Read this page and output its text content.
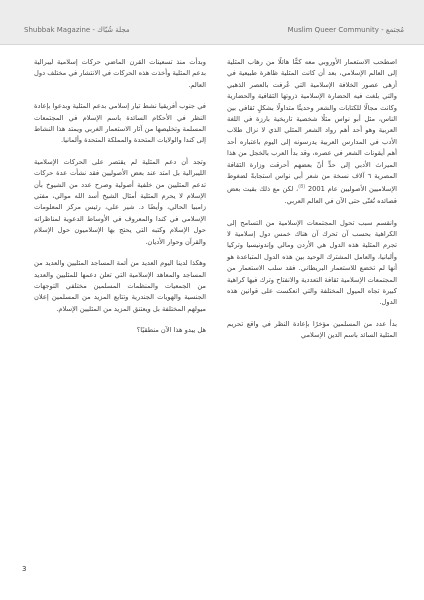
Shubbak Magazine - مجلة شُبّاك	Muslim Queer Community - مُجتمع

اصطحب الاستعمار الأوروبي معه كمًّا هائلًا من رهاب المثلية إلى العالم الإسلامي، بعد أن كانت المثلية ظاهرة طبيعية في أزهى عصور الخلافة الإسلامية التي عُرفت بالعصر الذهبي والتي بلغت فيه الحضارة الإسلامية ذروتها الثقافية والحضارية وكانت مجالًا للكتابات والشعر وحديثًا متداولًا بشكلٍ ثقافي بين الناس، مثل أبو نواس مثلًا شخصية تاريخية بارزة في اللغة العربية وهو أحد أهم رواد الشعر المثلي الذي لا نزال طلاب الأدب في المدارس العربية يدرسونه إلى اليوم باعتباره أحد أهم أيقونات الشعر في عصره، وقد بدأ العرب بالخجل من هذا الميراث الأدبي إلى حدٍّ أنّ بعضهم أحرقت وزارة الثقافة المصرية ٦ آلاف نسخة من شعر أبي نواس استجابةً لضغوط الإسلاميين الأصوليين عام 2001 $^{(8)}$، لكن مع ذلك بقيت بعض قصائده تُغنّى حتى الآن في العالم العربي.

وانقسم سبب تحول المجتمعات الإسلامية من التسامح إلى الكراهية بحسب آن تحرك آن هناك خمس دول إسلامية لا تجرم المثلية هذه الدول هي الأردن ومالي وإندونيسيا وتركيا وألبانيا، والعامل المشترك الوحيد بين هذه الدول المتباعدة هو أنها لم تخضع للاستعمار البريطاني. فقد سلب الاستعمار من المجتمعات الإسلامية ثقافة التعددية والانفتاح وترك فيها كراهية كبيرة تجاه الميول المختلفة والتي انعكست على قوانين هذه الدول.

بدأ عدد من المسلمين مؤخرًا بإعادة النظر في واقع تحريم المثلية السائد باسم الدين الإسلامي

وبدأت منذ تسعينات القرن الماضي حركات إسلامية ليبرالية بدعم المثلية وأخذت هذه الحركات في الانتشار في مختلف دول العالم.

في جنوب أفريقيا نشط تيار إسلامي بدعم المثلية وبدعوا بإعادة النظر في الأحكام السائدة باسم الإسلام في المجتمعات المسلمة وتخليصها من آثار الاستعمار الغربي ويمتد هذا النشاط إلى كندا والولايات المتحدة والمملكة المتحدة وألمانيا.

وتجد أن دعم المثلية لم يقتصر على الحركات الإسلامية الليبرالية بل امتد عند بعض الأصوليين فقد نشأت عدة حركات تدعم المثليين من خلفية أصولية وصرح عدد من الشيوخ بأن الإسلام لا يحرم المثلية أمثال الشيخ أسد الله موالي، مفتي زامبيا الحالي، وأيضًا د. شير علي، رئيس مركز المعلومات الإسلامي في كندا والمعروف في الأوساط الدعوية لمناظراته حول الإسلام وكتبه التي يحتج بها الإسلاميون حول الإسلام والقرآن وحوار الأديان.

وهكذا لدينا اليوم العديد من أئمة المساجد المثليين والعديد من المساجد والمعاهد الإسلامية التي تعلن دعمها للمثليين والعديد من الجمعيات والمنظمات المسلمين مختلفي التوجهات الجنسية والهويات الجندرية وتتابع المزيد من المسلمين إعلان ميولهم المختلفة بل ويعتنق المزيد من المثليين الإسلام.

هل يبدو هذا الآن منطقيًا؟

3
